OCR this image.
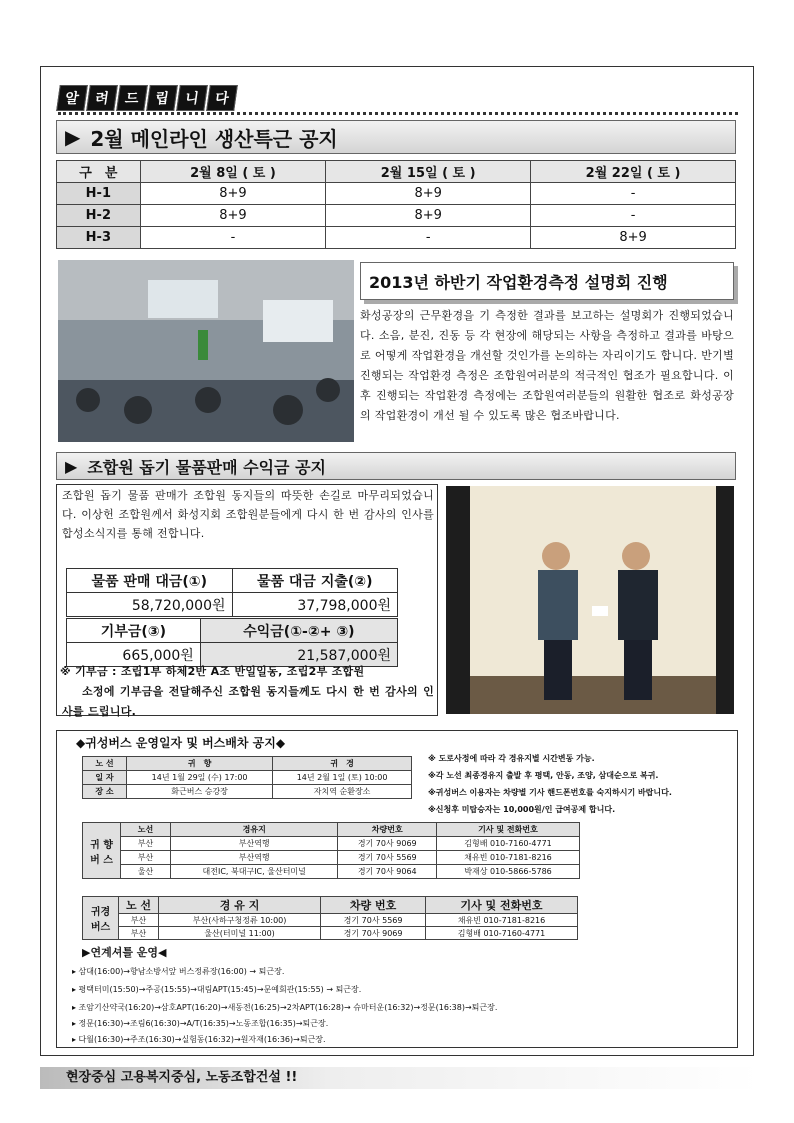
알	려	드	립	니	다
▶ 2월 메인라인 생산특근 공지
구　분	2월 8일 ( 토 )	2월 15일 ( 토 )	2월 22일 ( 토 )
H-1	8+9	8+9	-
H-2	8+9	8+9	-
H-3	-	-	8+9
2013년 하반기 작업환경측정 설명회 진행
화성공장의 근무환경을 기 측정한 결과를 보고하는 설명회가 진행되었습니다. 소음, 분진, 진동 등 각 현장에 해당되는 사항을 측정하고 결과를 바탕으로 어떻게 작업환경을 개선할 것인가를 논의하는 자리이기도 합니다. 반기별 진행되는 작업환경 측정은 조합원여러분의 적극적인 협조가 필요합니다. 이후 진행되는 작업환경 측정에는 조합원여러분들의 원활한 협조로 화성공장의 작업환경이 개선 될 수 있도록 많은 협조바랍니다.
▶ 조합원 돕기 물품판매 수익금 공지
조합원 돕기 물품 판매가 조합원 동지들의 따뜻한 손길로 마무리되었습니다. 이상헌 조합원께서 화성지회 조합원분들에게 다시 한 번 감사의 인사를 합성소식지를 통해 전합니다.
물품 판매 대금(①)	물품 대금 지출(②)
58,720,000원	37,798,000원
기부금(③)	수익금(①-②+ ③)
665,000원	21,587,000원
※ 기부금 : 조립1부 하체2반 A조 반일일동, 조립2부 조합원
소정에 기부금을 전달해주신 조합원 동지들께도 다시 한 번 감사의 인사를 드립니다.
◆귀성버스 운영일자 및 버스배차 공지◆
노 선	귀　향	귀　경
일 자	14년 1월 29일 (수) 17:00	14년 2월 1일 (토) 10:00
장 소	화근버스 승강장	자치역 순환장소
※ 도로사정에 따라 각 경유지별 시간변동 가능.
※각 노선 최종경유지 출발 후 평택, 안동, 조양, 삼대순으로 복귀.
※귀성버스 이용자는 차량별 기사 핸드폰번호를 숙지하시기 바랍니다.
※신청후 미탑승자는 10,000원/인 급여공제 합니다.
귀 향
버 스	노선	경유지	차량번호	기사 및 전화번호
	부산	부산역행	경기 70사 9069	김형배 010-7160-4771
	부산	부산역행	경기 70사 5569	채유빈 010-7181-8216
	울산	대전IC, 북대구IC, 울산터미널	경기 70사 9064	박재상 010-5866-5786
귀경
버스	노 선	경 유 지	차량 번호	기사 및 전화번호
	부산	부산(사하구청정류 10:00)	경기 70사 5569	채유빈 010-7181-8216
	부산	울산(터미널 11:00)	경기 70사 9069	김형배 010-7160-4771
▶연계셔틀 운영◀
▸ 삼대(16:00)→향남소방서앞 버스정류장(16:00) → 퇴근장.
▸ 평택터미(15:50)→주공(15:55)→대림APT(15:45)→문예회관(15:55) → 퇴근장.
▸ 조암기산약국(16:20)→삼호APT(16:20)→새동전(16:25)→2차APT(16:28)→ 슈마터운(16:32)→정문(16:38)→퇴근장.
▸ 정문(16:30)→조림6(16:30)→A/T(16:35)→노동조합(16:35)→퇴근장.
▸ 다월(16:30)→주조(16:30)→실험동(16:32)→원자재(16:36)→퇴근장.
현장중심 고용복지중심, 노동조합건설 !!
